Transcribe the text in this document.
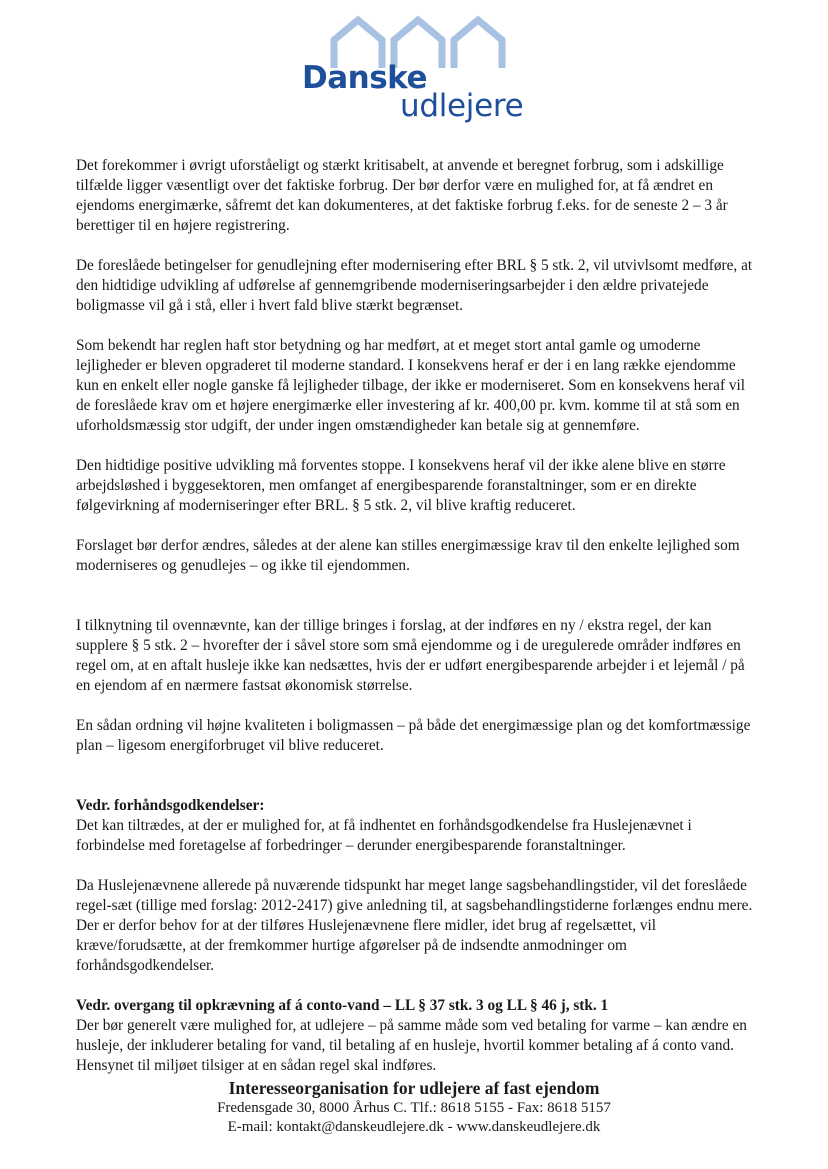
Danske
udlejere

Det forekommer i øvrigt uforståeligt og stærkt kritisabelt, at anvende et beregnet forbrug, som i adskillige tilfælde ligger væsentligt over det faktiske forbrug. Der bør derfor være en mulighed for, at få ændret en ejendoms energimærke, såfremt det kan dokumenteres, at det faktiske forbrug f.eks. for de seneste 2 – 3 år berettiger til en højere registrering.

De foreslåede betingelser for genudlejning efter modernisering efter BRL § 5 stk. 2, vil utvivlsomt medføre, at den hidtidige udvikling af udførelse af gennemgribende moderniseringsarbejder i den ældre privatejede boligmasse vil gå i stå, eller i hvert fald blive stærkt begrænset.

Som bekendt har reglen haft stor betydning og har medført, at et meget stort antal gamle og umoderne lejligheder er bleven opgraderet til moderne standard. I konsekvens heraf er der i en lang række ejendomme kun en enkelt eller nogle ganske få lejligheder tilbage, der ikke er moderniseret. Som en konsekvens heraf vil de foreslåede krav om et højere energimærke eller investering af kr. 400,00 pr. kvm. komme til at stå som en uforholdsmæssig stor udgift, der under ingen omstændigheder kan betale sig at gennemføre.

Den hidtidige positive udvikling må forventes stoppe. I konsekvens heraf vil der ikke alene blive en større arbejdsløshed i byggesektoren, men omfanget af energibesparende foranstaltninger, som er en direkte følgevirkning af moderniseringer efter BRL. § 5 stk. 2, vil blive kraftig reduceret.

Forslaget bør derfor ændres, således at der alene kan stilles energimæssige krav til den enkelte lejlighed som moderniseres og genudlejes – og ikke til ejendommen.

I tilknytning til ovennævnte, kan der tillige bringes i forslag, at der indføres en ny / ekstra regel, der kan supplere § 5 stk. 2 – hvorefter der i såvel store som små ejendomme og i de uregulerede områder indføres en regel om, at en aftalt husleje ikke kan nedsættes, hvis der er udført energibesparende arbejder i et lejemål / på en ejendom af en nærmere fastsat økonomisk størrelse.

En sådan ordning vil højne kvaliteten i boligmassen – på både det energimæssige plan og det komfortmæssige plan – ligesom energiforbruget vil blive reduceret.

Vedr. forhåndsgodkendelser:

Det kan tiltrædes, at der er mulighed for, at få indhentet en forhåndsgodkendelse fra Huslejenævnet i forbindelse med foretagelse af forbedringer – derunder energibesparende foranstaltninger.

Da Huslejenævnene allerede på nuværende tidspunkt har meget lange sagsbehandlingstider, vil det foreslåede regel-sæt (tillige med forslag: 2012-2417) give anledning til, at sagsbehandlingstiderne forlænges endnu mere. Der er derfor behov for at der tilføres Huslejenævnene flere midler, idet brug af regelsættet, vil kræve/forudsætte, at der fremkommer hurtige afgørelser på de indsendte anmodninger om forhåndsgodkendelser.

Vedr. overgang til opkrævning af á conto-vand – LL § 37 stk. 3 og LL § 46 j, stk. 1

Der bør generelt være mulighed for, at udlejere – på samme måde som ved betaling for varme – kan ændre en husleje, der inkluderer betaling for vand, til betaling af en husleje, hvortil kommer betaling af á conto vand. Hensynet til miljøet tilsiger at en sådan regel skal indføres.

Interesseorganisation for udlejere af fast ejendom
Fredensgade 30, 8000 Århus C. Tlf.: 8618 5155 - Fax: 8618 5157
E-mail: kontakt@danskeudlejere.dk - www.danskeudlejere.dk
